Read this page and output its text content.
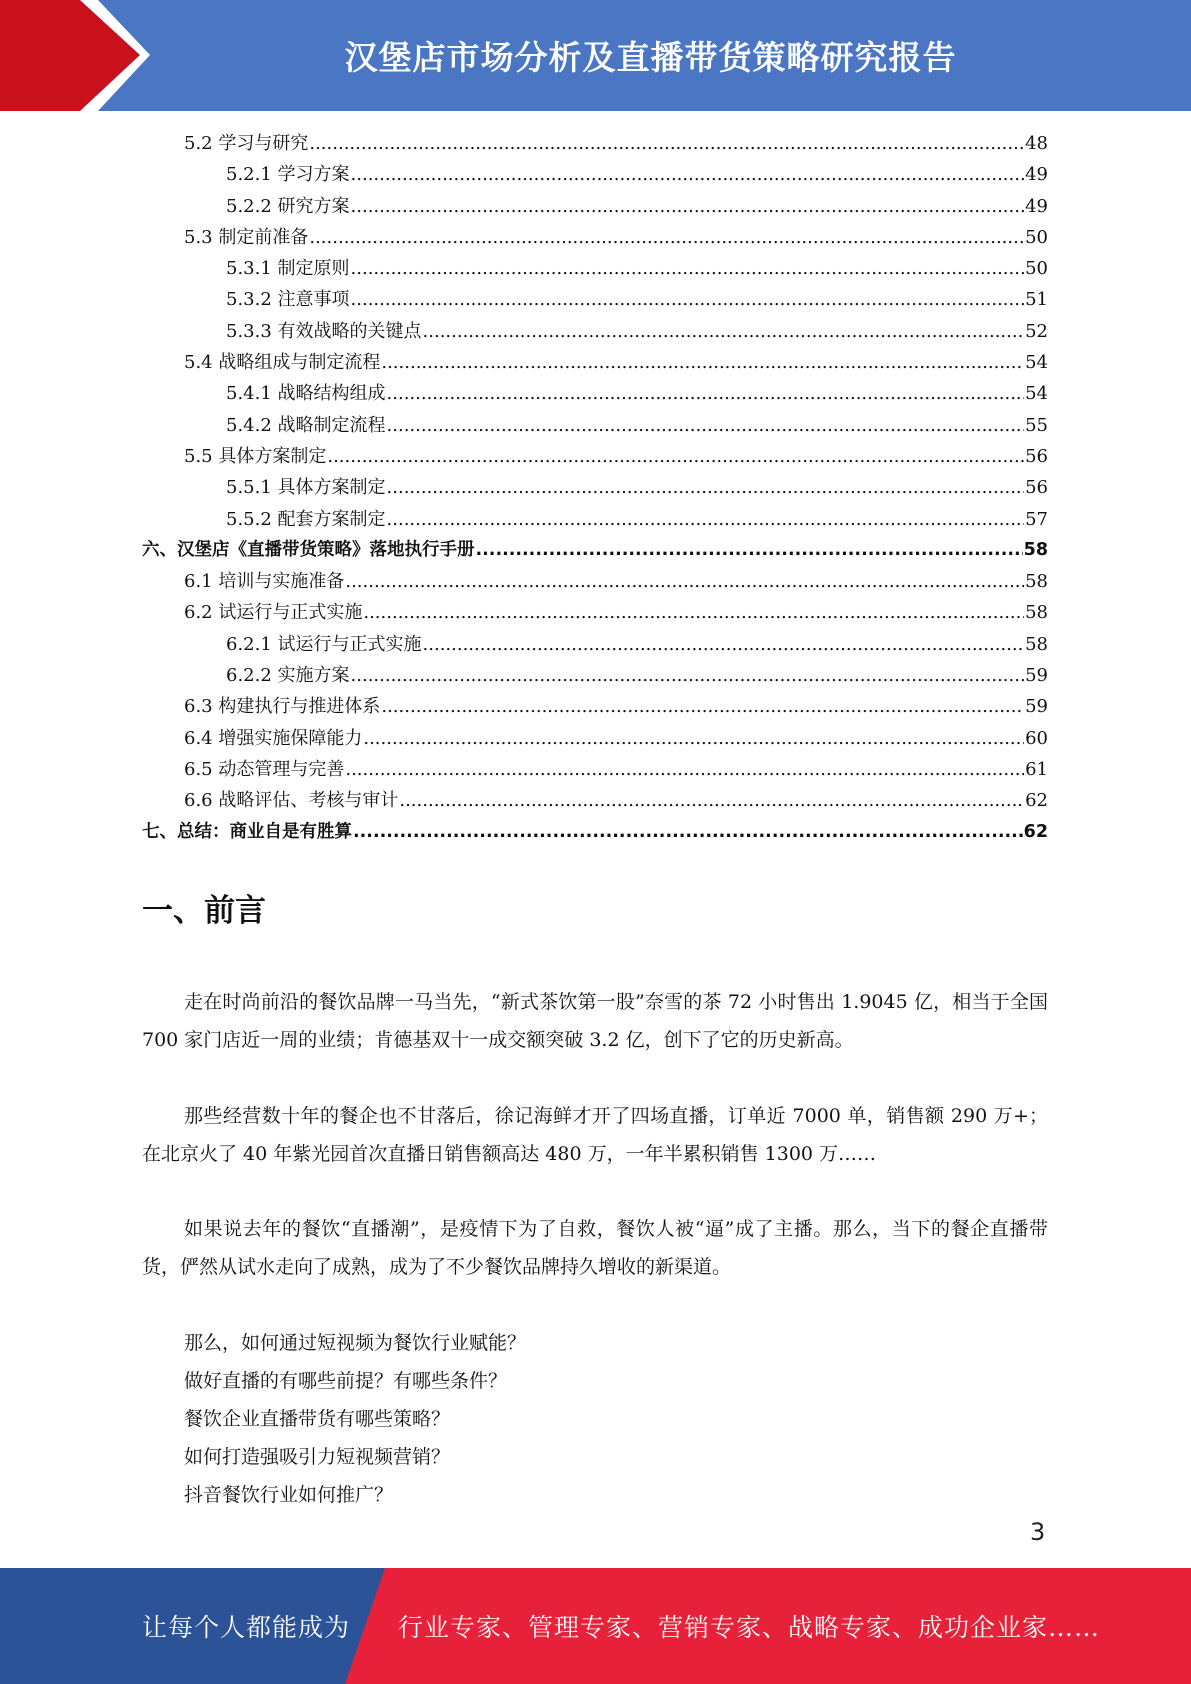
汉堡店市场分析及直播带货策略研究报告
5.2 学习与研究 .....	48
5.2.1 学习方案 .....	49
5.2.2 研究方案 .....	49
5.3 制定前准备 .....	50
5.3.1 制定原则 .....	50
5.3.2 注意事项 .....	51
5.3.3 有效战略的关键点 .....	52
5.4 战略组成与制定流程 .....	54
5.4.1 战略结构组成 .....	54
5.4.2 战略制定流程 .....	55
5.5 具体方案制定 .....	56
5.5.1 具体方案制定 .....	56
5.5.2 配套方案制定 .....	57
六、汉堡店《直播带货策略》落地执行手册 .....	58
6.1 培训与实施准备 .....	58
6.2 试运行与正式实施 .....	58
6.2.1 试运行与正式实施 .....	58
6.2.2 实施方案 .....	59
6.3 构建执行与推进体系 .....	59
6.4 增强实施保障能力 .....	60
6.5 动态管理与完善 .....	61
6.6 战略评估、考核与审计 .....	62
七、总结：商业自是有胜算 .....	62
一、前言

走在时尚前沿的餐饮品牌一马当先，“新式茶饮第一股”奈雪的茶 72 小时售出 1.9045 亿，相当于全国 700 家门店近一周的业绩；肯德基双十一成交额突破 3.2 亿，创下了它的历史新高。

那些经营数十年的餐企也不甘落后，徐记海鲜才开了四场直播，订单近 7000 单，销售额 290 万+；在北京火了 40 年紫光园首次直播日销售额高达 480 万，一年半累积销售 1300 万……

如果说去年的餐饮“直播潮”，是疫情下为了自救，餐饮人被“逼”成了主播。那么，当下的餐企直播带货，俨然从试水走向了成熟，成为了不少餐饮品牌持久增收的新渠道。

那么，如何通过短视频为餐饮行业赋能？
做好直播的有哪些前提？有哪些条件？
餐饮企业直播带货有哪些策略？
如何打造强吸引力短视频营销？
抖音餐饮行业如何推广？
3
让每个人都能成为 行业专家、管理专家、营销专家、战略专家、成功企业家……
